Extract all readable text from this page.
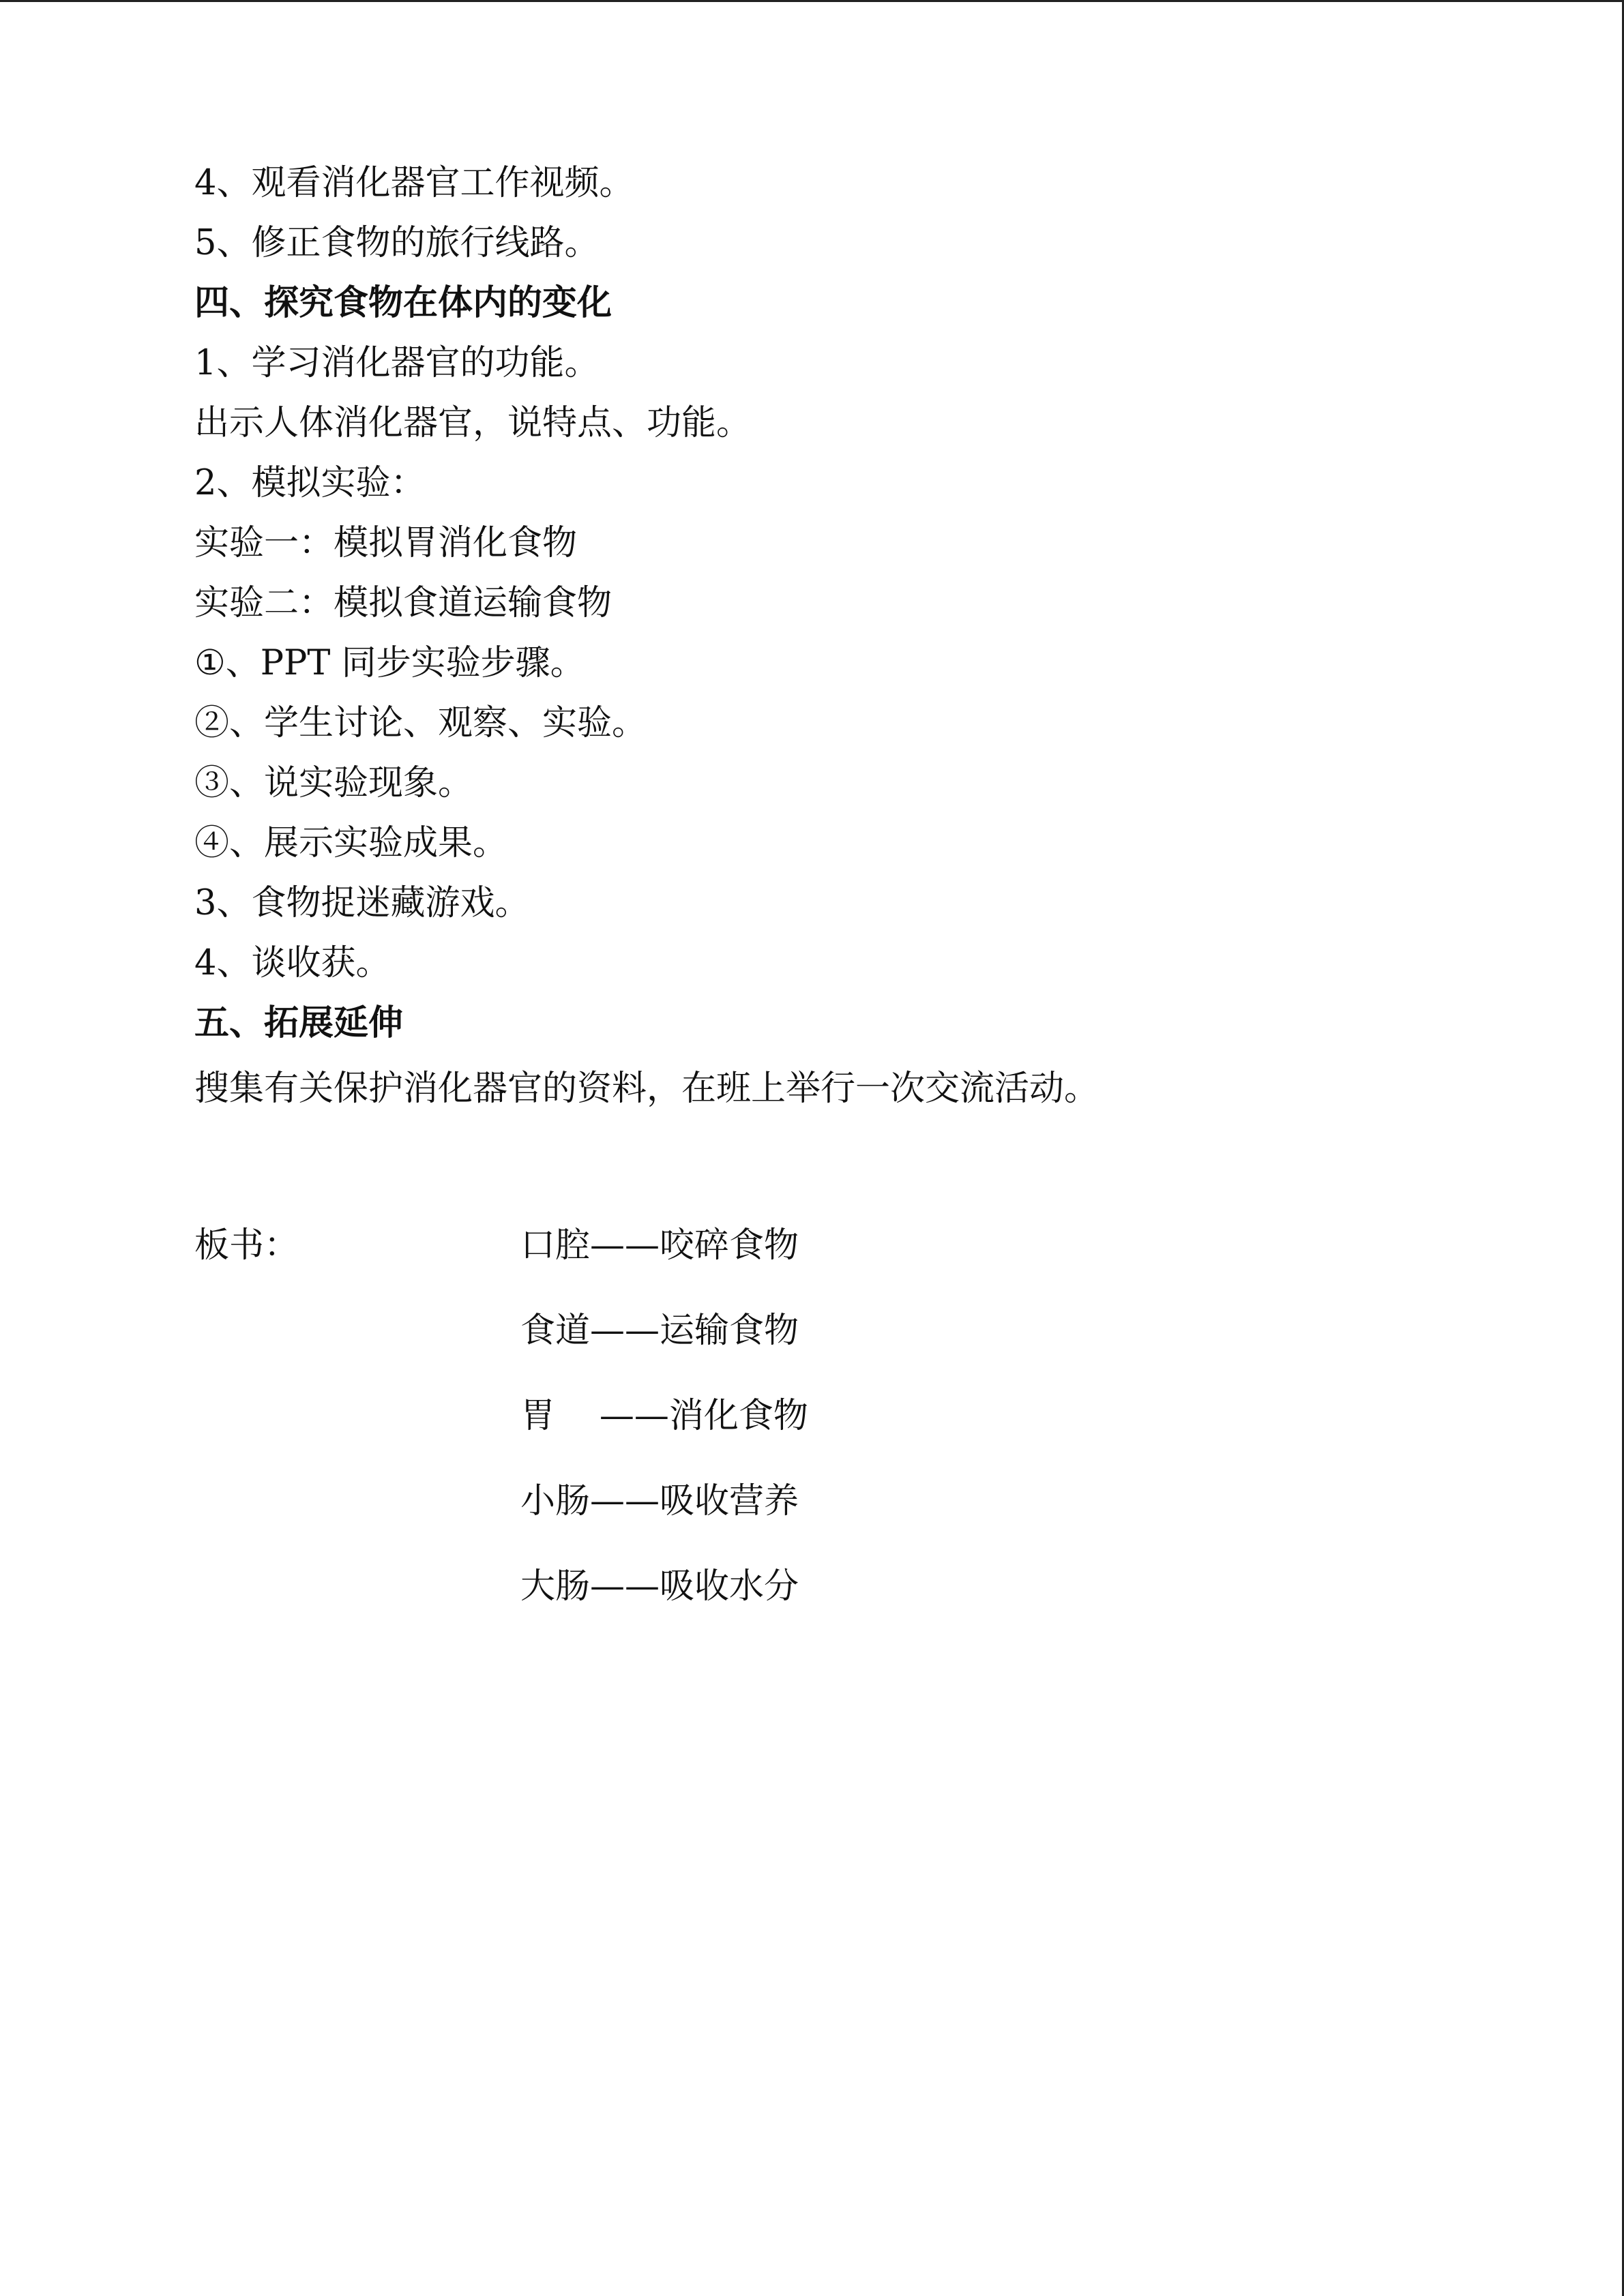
4、观看消化器官工作视频。
5、修正食物的旅行线路。
四、探究食物在体内的变化
1、学习消化器官的功能。
出示人体消化器官，说特点、功能。
2、模拟实验：
实验一：模拟胃消化食物
实验二：模拟食道运输食物
①、PPT 同步实验步骤。
②、学生讨论、观察、实验。
③、说实验现象。
④、展示实验成果。
3、食物捉迷藏游戏。
4、谈收获。
五、拓展延伸
搜集有关保护消化器官的资料，在班上举行一次交流活动。
板书：	口腔——咬碎食物
食道——运输食物
胃    ——消化食物
小肠——吸收营养
大肠——吸收水分
